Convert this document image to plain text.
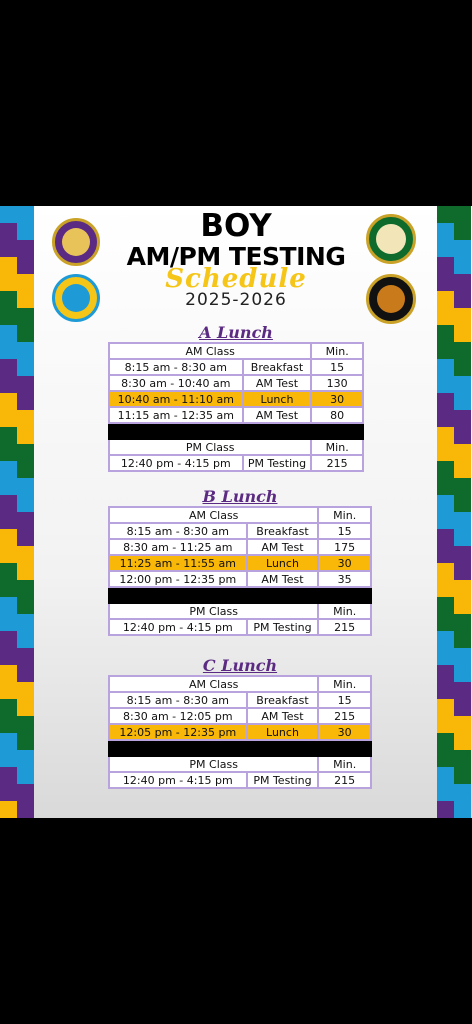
BOY
AM/PM TESTING
Schedule
2025-2026
A Lunch
AM Class		Min.
8:15 am - 8:30 am	Breakfast	15
8:30 am - 10:40 am	AM Test	130
10:40 am - 11:10 am	Lunch	30
11:15 am - 12:35 am	AM Test	80

PM Class		Min.
12:40 pm - 4:15 pm	PM Testing	215
B Lunch
AM Class		Min.
8:15 am - 8:30 am	Breakfast	15
8:30 am - 11:25 am	AM Test	175
11:25 am - 11:55 am	Lunch	30
12:00 pm - 12:35 pm	AM Test	35

PM Class		Min.
12:40 pm - 4:15 pm	PM Testing	215
C Lunch
AM Class		Min.
8:15 am - 8:30 am	Breakfast	15
8:30 am - 12:05 pm	AM Test	215
12:05 pm - 12:35 pm	Lunch	30

PM Class		Min.
12:40 pm - 4:15 pm	PM Testing	215
